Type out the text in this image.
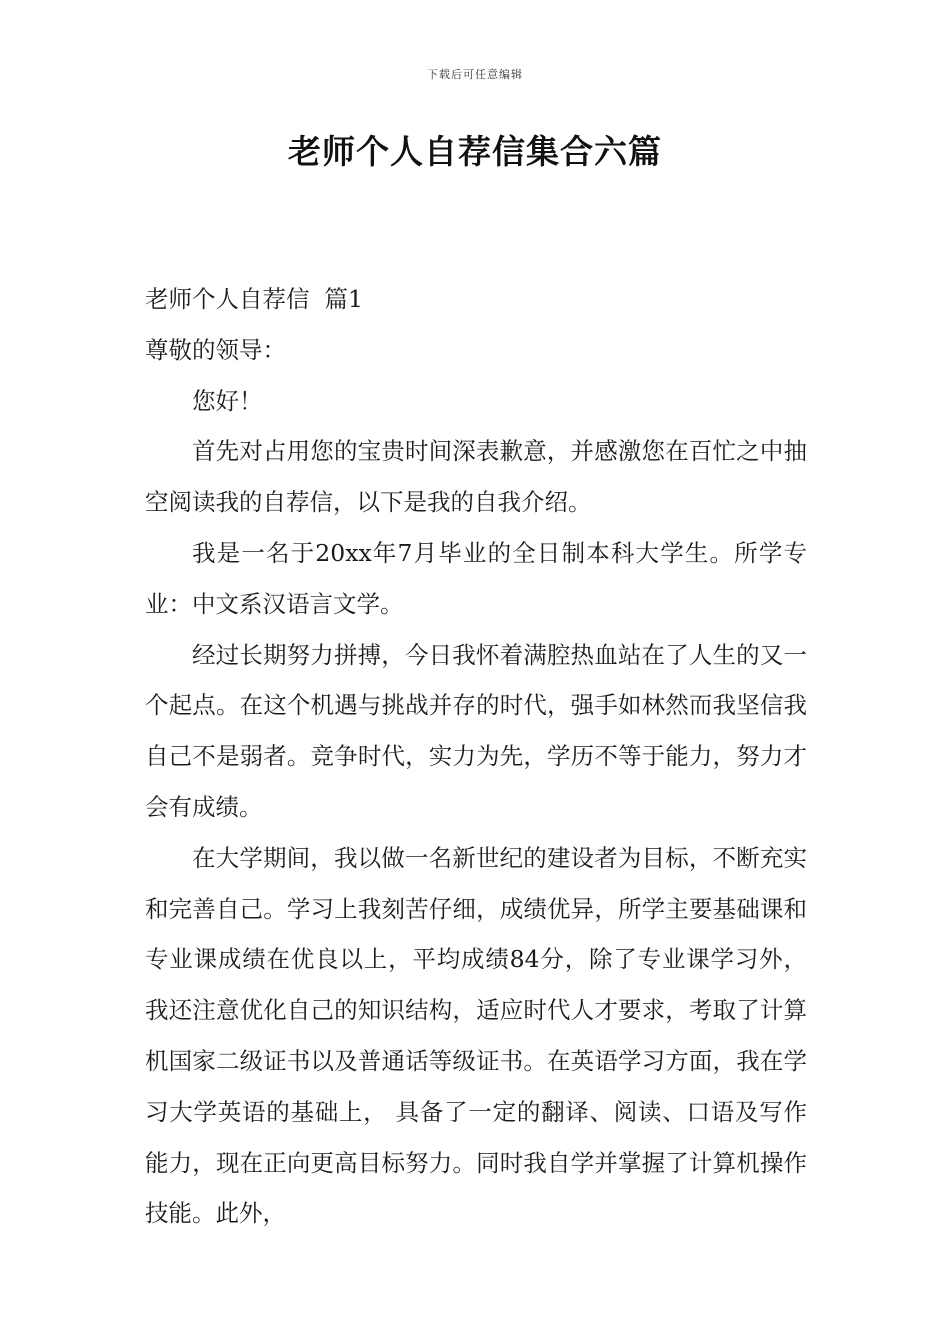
下载后可任意编辑
老师个人自荐信集合六篇

老师个人自荐信  篇1

尊敬的领导：

您好！

首先对占用您的宝贵时间深表歉意，并感激您在百忙之中抽空阅读我的自荐信，以下是我的自我介绍。

我是一名于20xx年7月毕业的全日制本科大学生。所学专业：中文系汉语言文学。

经过长期努力拼搏，今日我怀着满腔热血站在了人生的又一个起点。在这个机遇与挑战并存的时代，强手如林然而我坚信我自己不是弱者。竞争时代，实力为先，学历不等于能力，努力才会有成绩。

在大学期间，我以做一名新世纪的建设者为目标，不断充实和完善自己。学习上我刻苦仔细，成绩优异，所学主要基础课和专业课成绩在优良以上，平均成绩84分，除了专业课学习外，我还注意优化自己的知识结构，适应时代人才要求，考取了计算机国家二级证书以及普通话等级证书。在英语学习方面，我在学习大学英语的基础上， 具备了一定的翻译、阅读、口语及写作能力，现在正向更高目标努力。同时我自学并掌握了计算机操作技能。此外，
